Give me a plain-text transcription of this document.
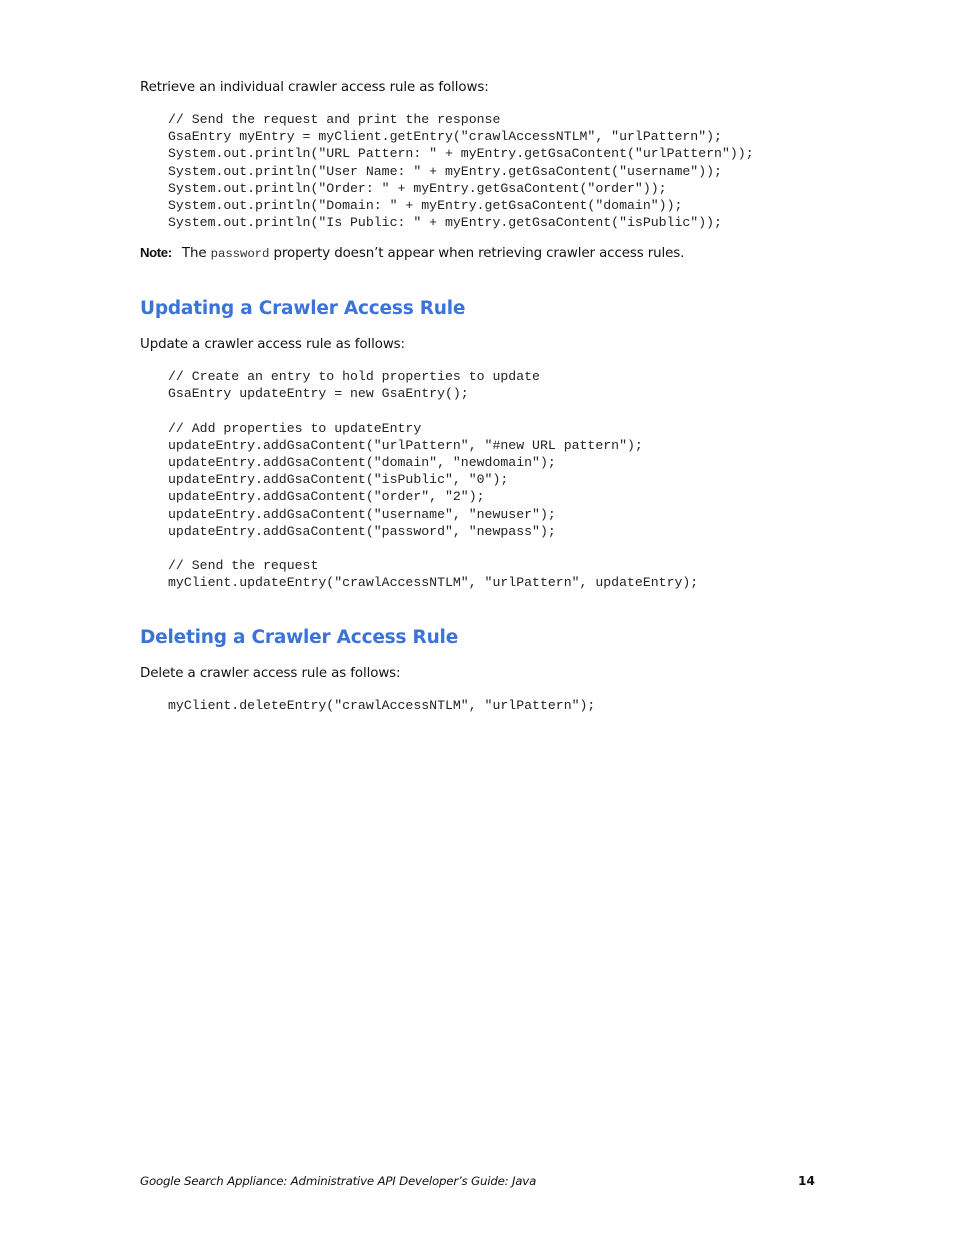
Retrieve an individual crawler access rule as follows:
// Send the request and print the response
GsaEntry myEntry = myClient.getEntry("crawlAccessNTLM", "urlPattern");
System.out.println("URL Pattern: " + myEntry.getGsaContent("urlPattern"));
System.out.println("User Name: " + myEntry.getGsaContent("username"));
System.out.println("Order: " + myEntry.getGsaContent("order"));
System.out.println("Domain: " + myEntry.getGsaContent("domain"));
System.out.println("Is Public: " + myEntry.getGsaContent("isPublic"));
Note: The password property doesn’t appear when retrieving crawler access rules.
Updating a Crawler Access Rule
Update a crawler access rule as follows:
// Create an entry to hold properties to update
GsaEntry updateEntry = new GsaEntry();
// Add properties to updateEntry
updateEntry.addGsaContent("urlPattern", "#new URL pattern");
updateEntry.addGsaContent("domain", "newdomain");
updateEntry.addGsaContent("isPublic", "0");
updateEntry.addGsaContent("order", "2");
updateEntry.addGsaContent("username", "newuser");
updateEntry.addGsaContent("password", "newpass");
// Send the request
myClient.updateEntry("crawlAccessNTLM", "urlPattern", updateEntry);
Deleting a Crawler Access Rule
Delete a crawler access rule as follows:
myClient.deleteEntry("crawlAccessNTLM", "urlPattern");
Google Search Appliance: Administrative API Developer’s Guide: Java	14
